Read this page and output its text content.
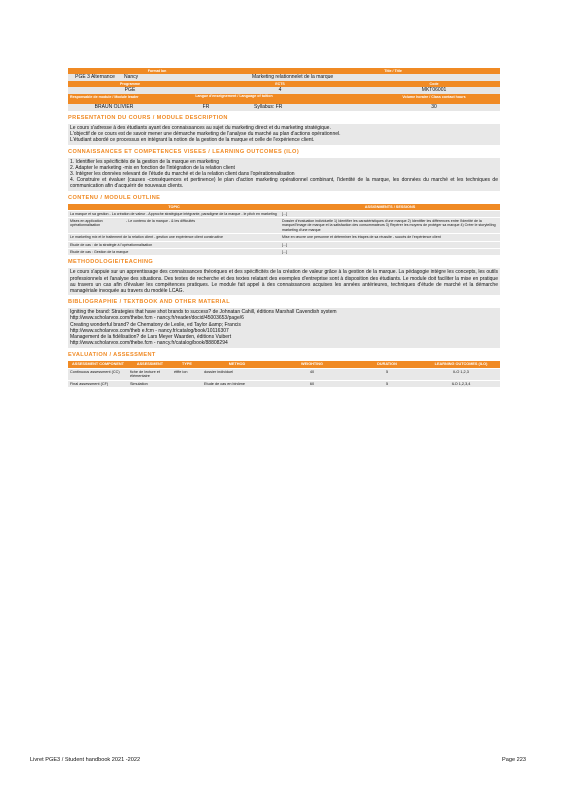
	Format Ion					Title / Title	
PGE 3 Alternance	Nancy		Marketing relationnelet de la marque				
Programme			ECTS			Code	
PGE			4			MKT06001	
Responsable de module / Module leader		Langue d'enseignement / Language of tuition				Volume horaire / Class contact hours	
BRAUN OLIVIER		FR		Syllabus: FR		30	
PRESENTATION DU COURS / MODULE DESCRIPTION
Le cours s'adresse à des étudiants ayant des connaissances au sujet du marketing direct et du marketing stratégique.
L'objectif de ce cours est de savoir mener une démarche marketing de l'analyse du marché au plan d'actions opérationnel.
L'étudiant abordé ce processus en intégrant la notion de la gestion de la marque et celle de l'expérience client.
CONNAISSANCES ET COMPETENCES VISEES / LEARNING OUTCOMES (ILO)
1. Identifier les spécificités de la gestion de la marque en marketing
2. Adapter le marketing -mix en fonction de l'intégration de la relation client
3. Intégrer les données relevant de l'étude du marché et de la relation client dans l'opérationnalisation
4. Construire et évaluer (causes -conséquences et pertinence) le plan d'action marketing opérationnel combinant, l'identité de la marque, les données du marché et les techniques de communication afin d'acquérir de nouveaux clients.
CONTENU / MODULE OUTLINE
TOPIC		ASSIGNMENTS / SESSIONS
La marque et sa gestion - La création de valeur - Approche stratégique intégrante, paradigme de la marque - le pitch en marketing		[...]
Mises en application opérationnalisation	- Le contenu de la marque - & les difficultés	Dossier d'évaluation individuelle 1) Identifier les caractéristiques d'une marque 2) Identifier les différences entre l'identité de la marque/l'image de marque et la satisfaction des consommateurs 3) Repérer les moyens de protéger sa marque 4) Créer le storytelling marketing d'une marque
Le marketing mix et le traitement de la relation client - gestion une expérience client constructive		Mise en œuvre une personne et déterminer les étapes de sa réussite - succès de l'expérience client
Etude de cas : de la stratégie à l'opérationnalisation		[...]
Etude de cas : Gestion de la marque		[...]
METHODOLOGIE/TEACHING
Le cours s'appuie sur un apprentissage des connaissances théoriques et des spécificités de la création de valeur grâce à la gestion de la marque. La pédagogie intègre les concepts, les outils professionnels et l'analyse des situations. Des textes de recherche et des textes relatant des exemples d'entreprise sont à disposition des étudiants. Le module doit faciliter la mise en pratique au travers un cas afin d'évaluer les compétences pratiques. Le module fait appel à des connaissances acquises les années antérieures, techniques d'étude de marché et la démarche managériale invoquée au travers du modèle LCAG.
BIBLIOGRAPHIE / TEXTBOOK AND OTHER MATERIAL
Igniting the brand: Strategies that have shot brands to success? de Johnatan Cahill, éditions Marshall Cavendish system
http://www.scholarvox.com/thebe.fcm - nancy.fr/reader/docid/45003653/page/6
Creating wonderful brand? de Chematony de Leslie, ed Taylor &amp; Francis
http://www.scholarvox.com/theb e.fcm - nancy.fr/catalog/book/10116307
Management de la fidélisation? de Lars Meyer Waarden, éditions Vuibert
http://www.scholarvox.com/thebe.fcm - nancy.fr/catalog/book/88808294
EVALUATION / ASSESSMENT
ASSESSMENT COMPONENT	ASSESSMENT	TYPE	METHOD	WEIGHTING	DURATION	LEARNING OUTCOMES (ILO)
Continuous assessment (CC)	fiche de lecture et élémentaire	étffe ion	dossier individuel	40	5	ILO 1,2,3
Final assessment (CF)	Simulation		Etude de cas en binôme	60	5	ILO 1,2,3,4
Livret PGE3 / Student handbook 2021 -2022	Page 223
